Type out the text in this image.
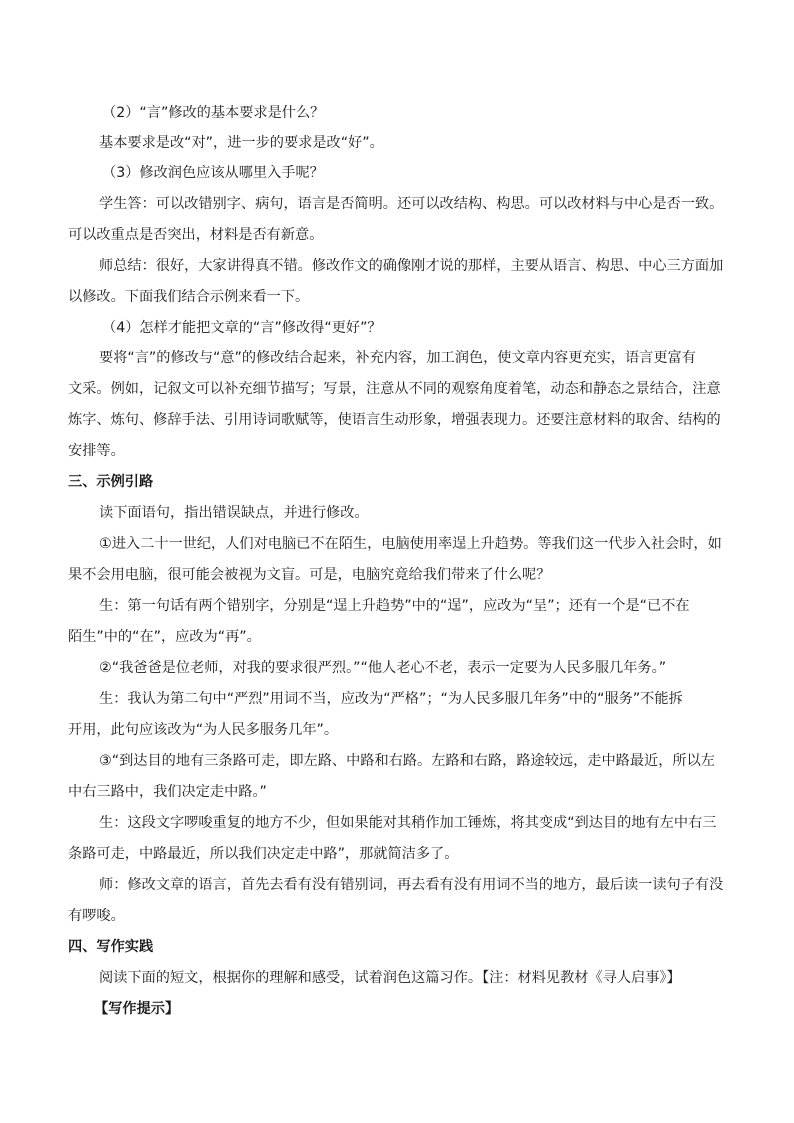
（2）“言”修改的基本要求是什么？
基本要求是改“对”，进一步的要求是改“好”。
（3）修改润色应该从哪里入手呢？
学生答：可以改错别字、病句，语言是否简明。还可以改结构、构思。可以改材料与中心是否一致。
可以改重点是否突出，材料是否有新意。
师总结：很好，大家讲得真不错。修改作文的确像刚才说的那样，主要从语言、构思、中心三方面加
以修改。下面我们结合示例来看一下。
（4）怎样才能把文章的“言”修改得“更好”？
要将“言”的修改与“意”的修改结合起来，补充内容，加工润色，使文章内容更充实，语言更富有
文采。例如，记叙文可以补充细节描写；写景，注意从不同的观察角度着笔，动态和静态之景结合，注意
炼字、炼句、修辞手法、引用诗词歌赋等，使语言生动形象，增强表现力。还要注意材料的取舍、结构的
安排等。
三、示例引路
读下面语句，指出错误缺点，并进行修改。
①进入二十一世纪，人们对电脑已不在陌生，电脑使用率逞上升趋势。等我们这一代步入社会时，如
果不会用电脑，很可能会被视为文盲。可是，电脑究竟给我们带来了什么呢？
生：第一句话有两个错别字，分别是“逞上升趋势”中的“逞”，应改为“呈”；还有一个是“已不在
陌生”中的“在”，应改为“再”。
②“我爸爸是位老师，对我的要求很严烈。”“他人老心不老，表示一定要为人民多服几年务。”
生：我认为第二句中“严烈”用词不当，应改为“严格”；“为人民多服几年务”中的“服务”不能拆
开用，此句应该改为“为人民多服务几年”。
③“到达目的地有三条路可走，即左路、中路和右路。左路和右路，路途较远，走中路最近，所以左
中右三路中，我们决定走中路。”
生：这段文字啰唆重复的地方不少，但如果能对其稍作加工锤炼，将其变成“到达目的地有左中右三
条路可走，中路最近，所以我们决定走中路”，那就简洁多了。
师：修改文章的语言，首先去看有没有错别词，再去看有没有用词不当的地方，最后读一读句子有没
有啰唆。
四、写作实践
阅读下面的短文，根据你的理解和感受，试着润色这篇习作。【注：材料见教材《寻人启事》】
【写作提示】
